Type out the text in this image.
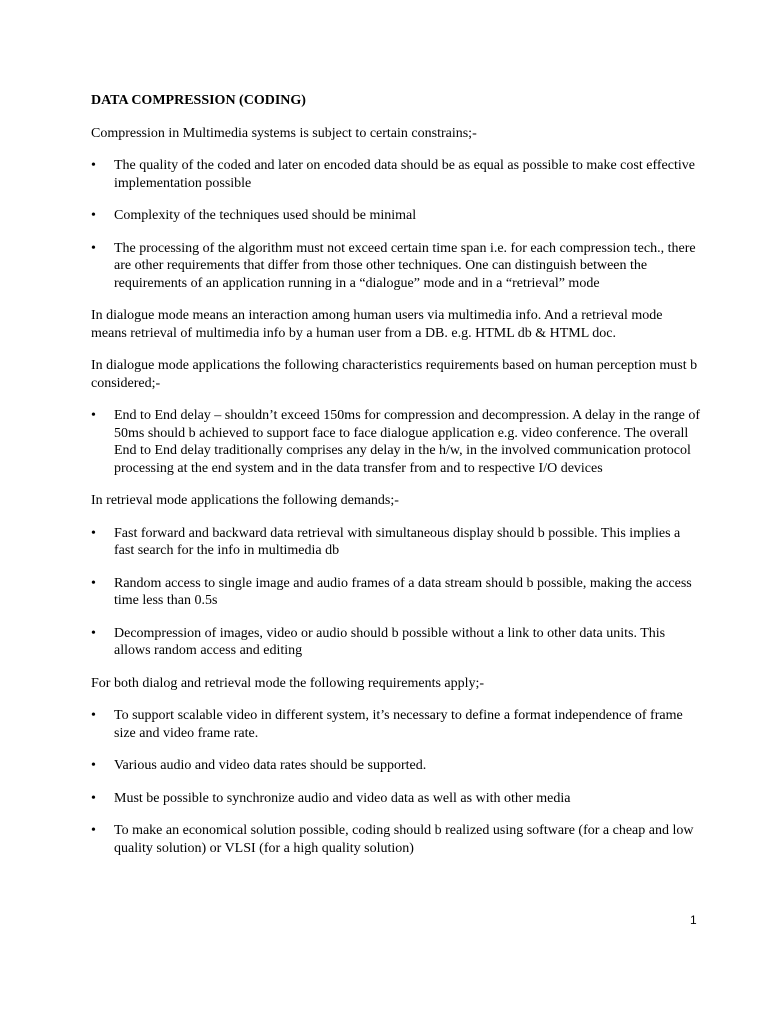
DATA COMPRESSION (CODING)
Compression in Multimedia systems is subject to certain constrains;-
•	The quality of the coded and later on encoded data should be as equal as possible to make cost effective implementation possible
•	Complexity of the techniques used should be minimal
•	The processing of the algorithm must not exceed certain time span i.e. for each compression tech., there are other requirements that differ from those other techniques. One can distinguish between the requirements of an application running in a “dialogue” mode and in a “retrieval” mode
In dialogue mode means an interaction among human users via multimedia info. And a retrieval mode means retrieval of multimedia info by a human user from a DB. e.g. HTML db & HTML doc.
In dialogue mode applications the following characteristics requirements based on human perception must b considered;-
•	End to End delay – shouldn’t exceed 150ms for compression and decompression. A delay in the range of 50ms should b achieved to support face to face dialogue application e.g. video conference. The overall End to End delay traditionally comprises any delay in the h/w, in the involved communication protocol processing at the end system and in the data transfer from and to respective I/O devices
In retrieval mode applications the following demands;-
•	Fast forward and backward data retrieval with simultaneous display should b possible. This implies a fast search for the info in multimedia db
•	Random access to single image and audio frames of a data stream should b possible, making the access time less than 0.5s
•	Decompression of images, video or audio should b possible without a link to other data units. This allows random access and editing
For both dialog and retrieval mode the following requirements apply;-
•	To support scalable video in different system, it’s necessary to define a format independence of frame size and video frame rate.
•	Various audio and video data rates should be supported.
•	Must be possible to synchronize audio and video data as well as with other media
•	To make an economical solution possible, coding should b realized using software (for a cheap and low quality solution) or VLSI (for a high quality solution)
1
